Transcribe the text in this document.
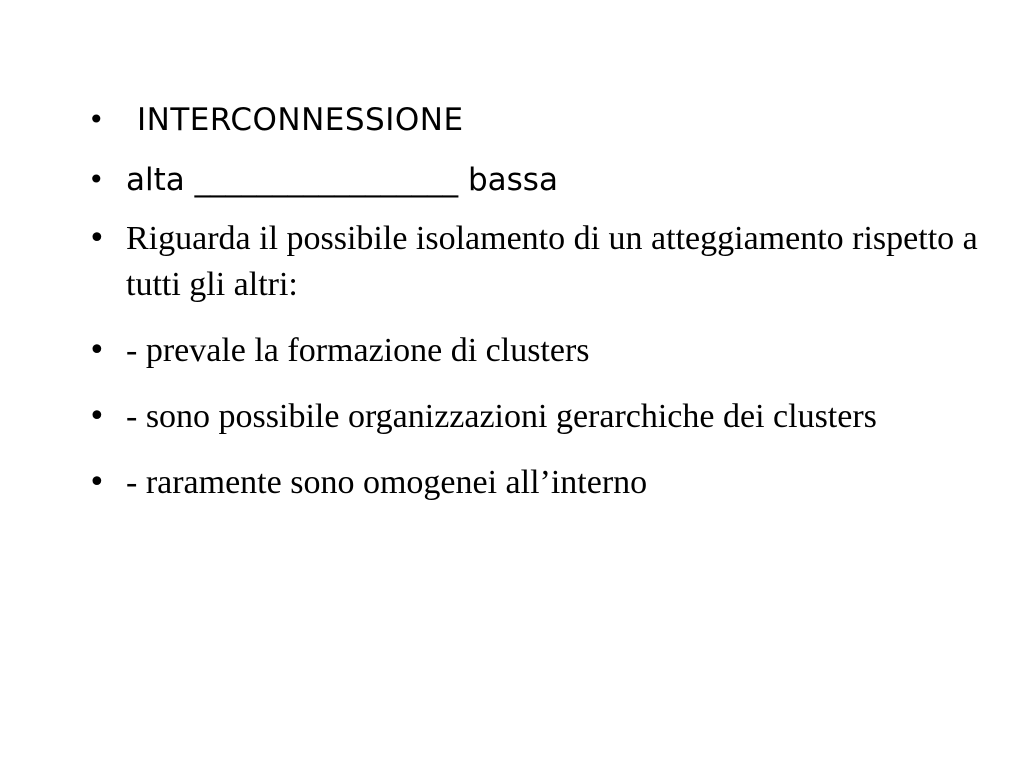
•	INTERCONNESSIONE
• alta _________________ bassa
• Riguarda il possibile isolamento di un atteggiamento rispetto a tutti gli altri:
• - prevale la formazione di clusters
• - sono possibile organizzazioni gerarchiche dei clusters
• - raramente sono omogenei all’interno
